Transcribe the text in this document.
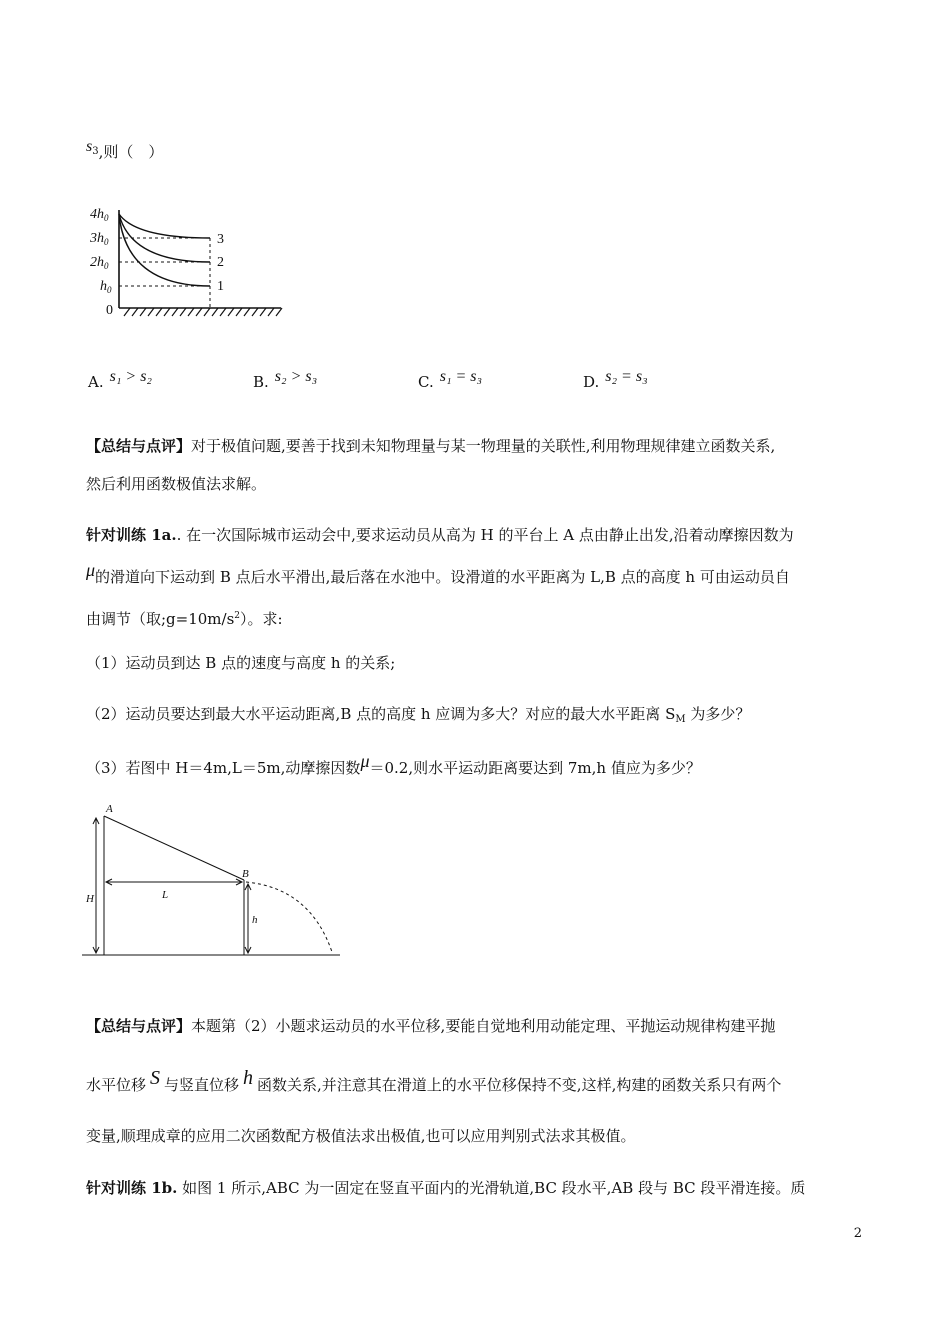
$s^3$,则（　）
$4h_0$
$3h_0$
$2h_0$
$h_0$
0
3
2
1
A. s₁ > s₂	B. s₂ > s₃	C. s₁ = s₃	D. s₂ = s₃
【总结与点评】对于极值问题,要善于找到未知物理量与某一物理量的关联性,利用物理规律建立函数关系,
然后利用函数极值法求解。
针对训练 1a.. 在一次国际城市运动会中,要求运动员从高为 H 的平台上 A 点由静止出发,沿着动摩擦因数为
μ的滑道向下运动到 B 点后水平滑出,最后落在水池中。设滑道的水平距离为 L,B 点的高度 h 可由运动员自
由调节（取$;g=10m/s^2$）。求:
（1）运动员到达 B 点的速度与高度 h 的关系;
（2）运动员要达到最大水平运动距离,B 点的高度 h 应调为多大？对应的最大水平距离 $S_M$ 为多少？
（3）若图中 H＝4m,L＝5m,动摩擦因数μ＝0.2,则水平运动距离要达到 7m,h 值应为多少？
A
B
H	L
h
【总结与点评】本题第（2）小题求运动员的水平位移,要能自觉地利用动能定理、平抛运动规律构建平抛
水平位移 S 与竖直位移 h 函数关系,并注意其在滑道上的水平位移保持不变,这样,构建的函数关系只有两个
变量,顺理成章的应用二次函数配方极值法求出极值,也可以应用判别式法求其极值。
针对训练 1b. 如图 1 所示,ABC 为一固定在竖直平面内的光滑轨道,BC 段水平,AB 段与 BC 段平滑连接。质
2
